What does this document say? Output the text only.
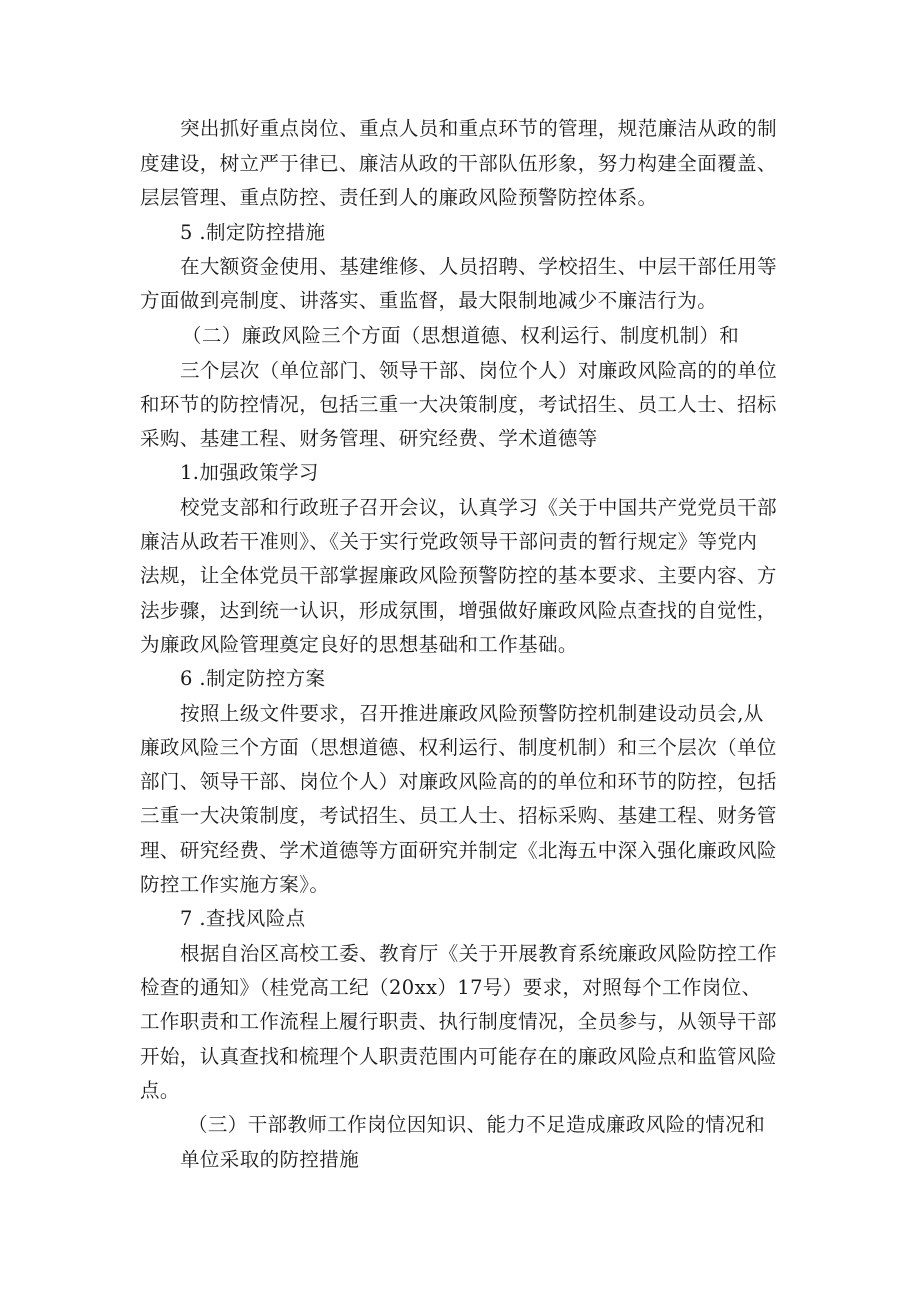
突出抓好重点岗位、重点人员和重点环节的管理，规范廉洁从政的制
度建设，树立严于律已、廉洁从政的干部队伍形象，努力构建全面覆盖、
层层管理、重点防控、责任到人的廉政风险预警防控体系。
5 .制定防控措施
在大额资金使用、基建维修、人员招聘、学校招生、中层干部任用等
方面做到亮制度、讲落实、重监督，最大限制地减少不廉洁行为。
（二）廉政风险三个方面（思想道德、权利运行、制度机制）和
三个层次（单位部门、领导干部、岗位个人）对廉政风险高的的单位
和环节的防控情况，包括三重一大决策制度，考试招生、员工人士、招标
采购、基建工程、财务管理、研究经费、学术道德等
1.加强政策学习
校党支部和行政班子召开会议，认真学习《关于中国共产党党员干部
廉洁从政若干准则》、《关于实行党政领导干部问责的暂行规定》等党内
法规，让全体党员干部掌握廉政风险预警防控的基本要求、主要内容、方
法步骤，达到统一认识，形成氛围，增强做好廉政风险点查找的自觉性，
为廉政风险管理奠定良好的思想基础和工作基础。
6 .制定防控方案
按照上级文件要求，召开推进廉政风险预警防控机制建设动员会,从
廉政风险三个方面（思想道德、权利运行、制度机制）和三个层次（单位
部门、领导干部、岗位个人）对廉政风险高的的单位和环节的防控，包括
三重一大决策制度，考试招生、员工人士、招标采购、基建工程、财务管
理、研究经费、学术道德等方面研究并制定《北海五中深入强化廉政风险
防控工作实施方案》。
7 .查找风险点
根据自治区高校工委、教育厅《关于开展教育系统廉政风险防控工作
检查的通知》（桂党高工纪（20xx）17号）要求，对照每个工作岗位、
工作职责和工作流程上履行职责、执行制度情况，全员参与，从领导干部
开始，认真查找和梳理个人职责范围内可能存在的廉政风险点和监管风险
点。
（三）干部教师工作岗位因知识、能力不足造成廉政风险的情况和
单位采取的防控措施
